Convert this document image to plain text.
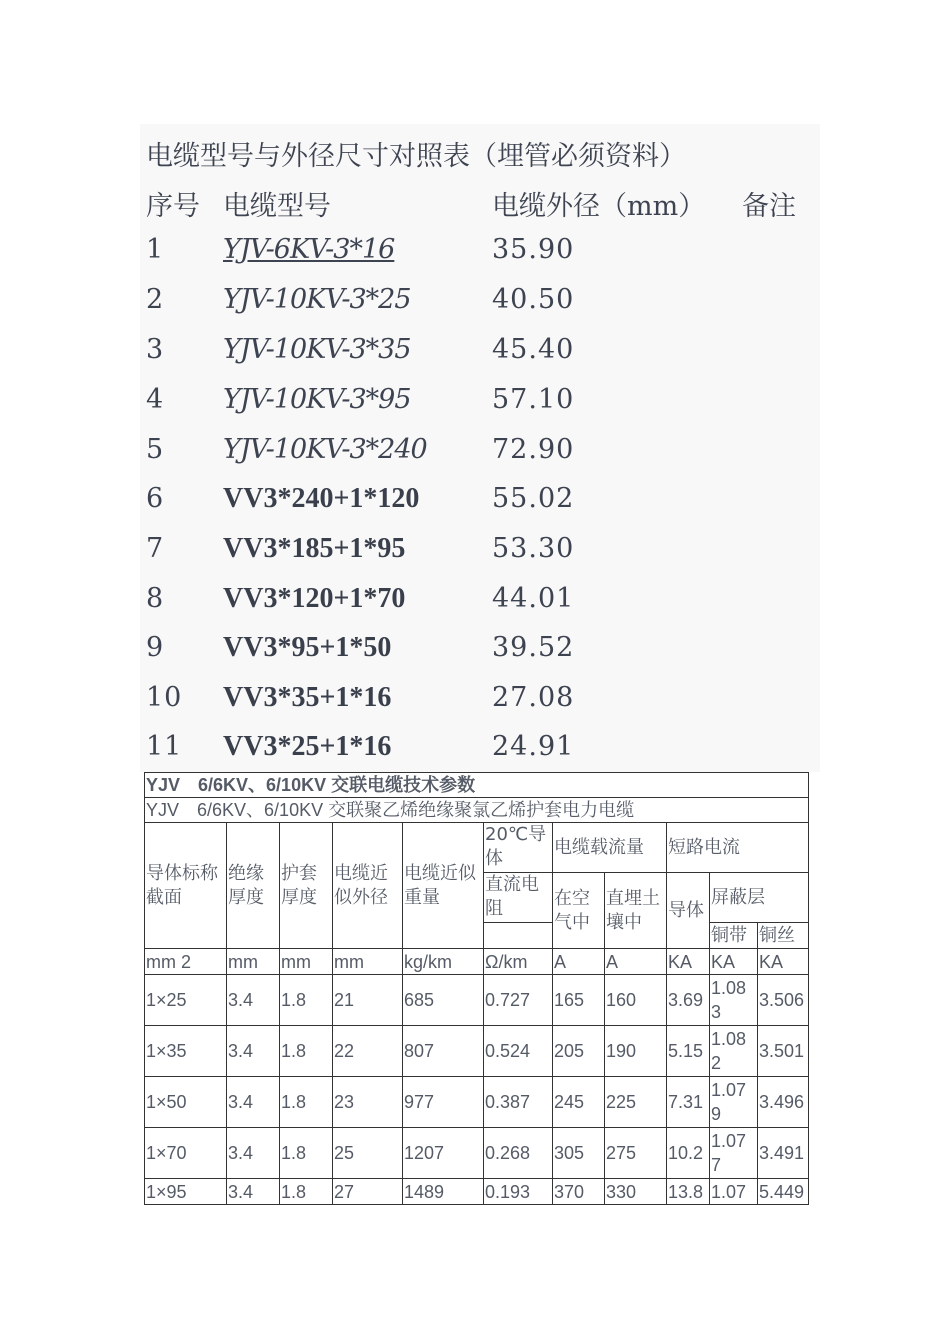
电缆型号与外径尺寸对照表（埋管必须资料）
序号 电缆型号	电缆外径（mm） 备注
1 YJV-6KV-3*16	35.90
2 YJV-10KV-3*25	40.50
3 YJV-10KV-3*35	45.40
4 YJV-10KV-3*95	57.10
5 YJV-10KV-3*240 72.90
6 VV3*240+1*120	55.02
7 VV3*185+1*95	53.30
8 VV3*120+1*70	44.01
9 VV3*95+1*50	39.52
10 VV3*35+1*16	27.08
11 VV3*25+1*16	24.91
YJV　6/6KV、6/10KV 交联电缆技术参数										
YJV　6/6KV、6/10KV 交联聚乙烯绝缘聚氯乙烯护套电力电缆										
导体标称截面	绝缘厚度	护套厚度	电缆近似外径	电缆近似重量	20℃导体	电缆载流量		短路电流		
					直流电阻	在空气中	直埋土壤中	导体	屏蔽层	
									铜带	铜丝
mm 2	mm	mm	mm	kg/km	Ω/km	A	A	KA	KA	KA
1×25	3.4	1.8	21	685	0.727	165	160	3.69	1.083	3.506
1×35	3.4	1.8	22	807	0.524	205	190	5.15	1.082	3.501
1×50	3.4	1.8	23	977	0.387	245	225	7.31	1.079	3.496
1×70	3.4	1.8	25	1207	0.268	305	275	10.2	1.077	3.491
1×95	3.4	1.8	27	1489	0.193	370	330	13.8	1.07	5.449
